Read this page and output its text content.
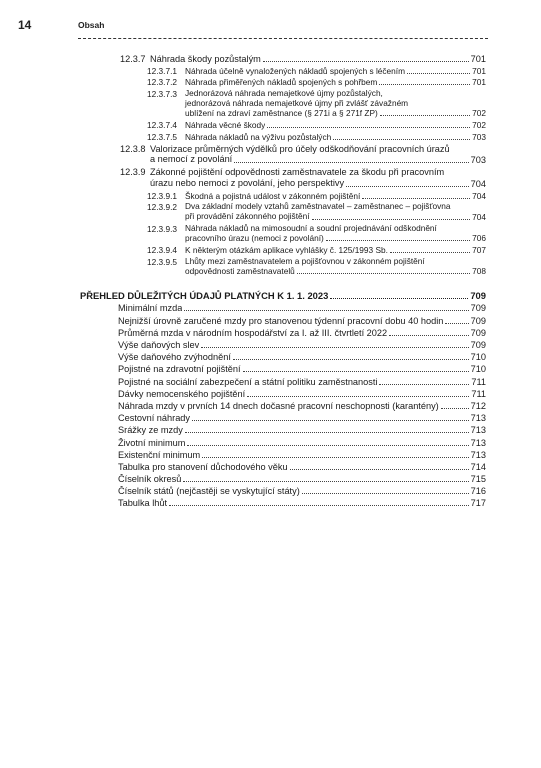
14	Obsah
12.3.7 Náhrada škody pozůstalým	701
12.3.7.1 Náhrada účelně vynaložených nákladů spojených s léčením	701
12.3.7.2 Náhrada přiměřených nákladů spojených s pohřbem	701
12.3.7.3 Jednorázová náhrada nemajetkové újmy pozůstalých,
jednorázová náhrada nemajetkové újmy při zvlášť závažném
ublížení na zdraví zaměstnance (§ 271i a § 271f ZP)	702
12.3.7.4 Náhrada věcné škody	702
12.3.7.5 Náhrada nákladů na výživu pozůstalých	703
12.3.8 Valorizace průměrných výdělků pro účely odškodňování pracovních úrazů
a nemocí z povolání	703
12.3.9 Zákonné pojištění odpovědnosti zaměstnavatele za škodu při pracovním
úrazu nebo nemoci z povolání, jeho perspektivy	704
12.3.9.1 Škodná a pojistná událost v zákonném pojištění	704
12.3.9.2 Dva základní modely vztahů zaměstnavatel – zaměstnanec – pojišťovna
při provádění zákonného pojištění	704
12.3.9.3 Náhrada nákladů na mimosoudní a soudní projednávání odškodnění
pracovního úrazu (nemoci z povolání)	706
12.3.9.4 K některým otázkám aplikace vyhlášky č. 125/1993 Sb.	707
12.3.9.5 Lhůty mezi zaměstnavatelem a pojišťovnou v zákonném pojištění
odpovědnosti zaměstnavatelů	708
PŘEHLED DŮLEŽITÝCH ÚDAJŮ PLATNÝCH K 1. 1. 2023	709
Minimální mzda	709
Nejnižší úrovně zaručené mzdy pro stanovenou týdenní pracovní dobu 40 hodin	709
Průměrná mzda v národním hospodářství za I. až III. čtvrtletí 2022	709
Výše daňových slev	709
Výše daňového zvýhodnění	710
Pojistné na zdravotní pojištění	710
Pojistné na sociální zabezpečení a státní politiku zaměstnanosti	711
Dávky nemocenského pojištění	711
Náhrada mzdy v prvních 14 dnech dočasné pracovní neschopnosti (karantény)	712
Cestovní náhrady	713
Srážky ze mzdy	713
Životní minimum	713
Existenční minimum	713
Tabulka pro stanovení důchodového věku	714
Číselník okresů	715
Číselník států (nejčastěji se vyskytující státy)	716
Tabulka lhůt	717
